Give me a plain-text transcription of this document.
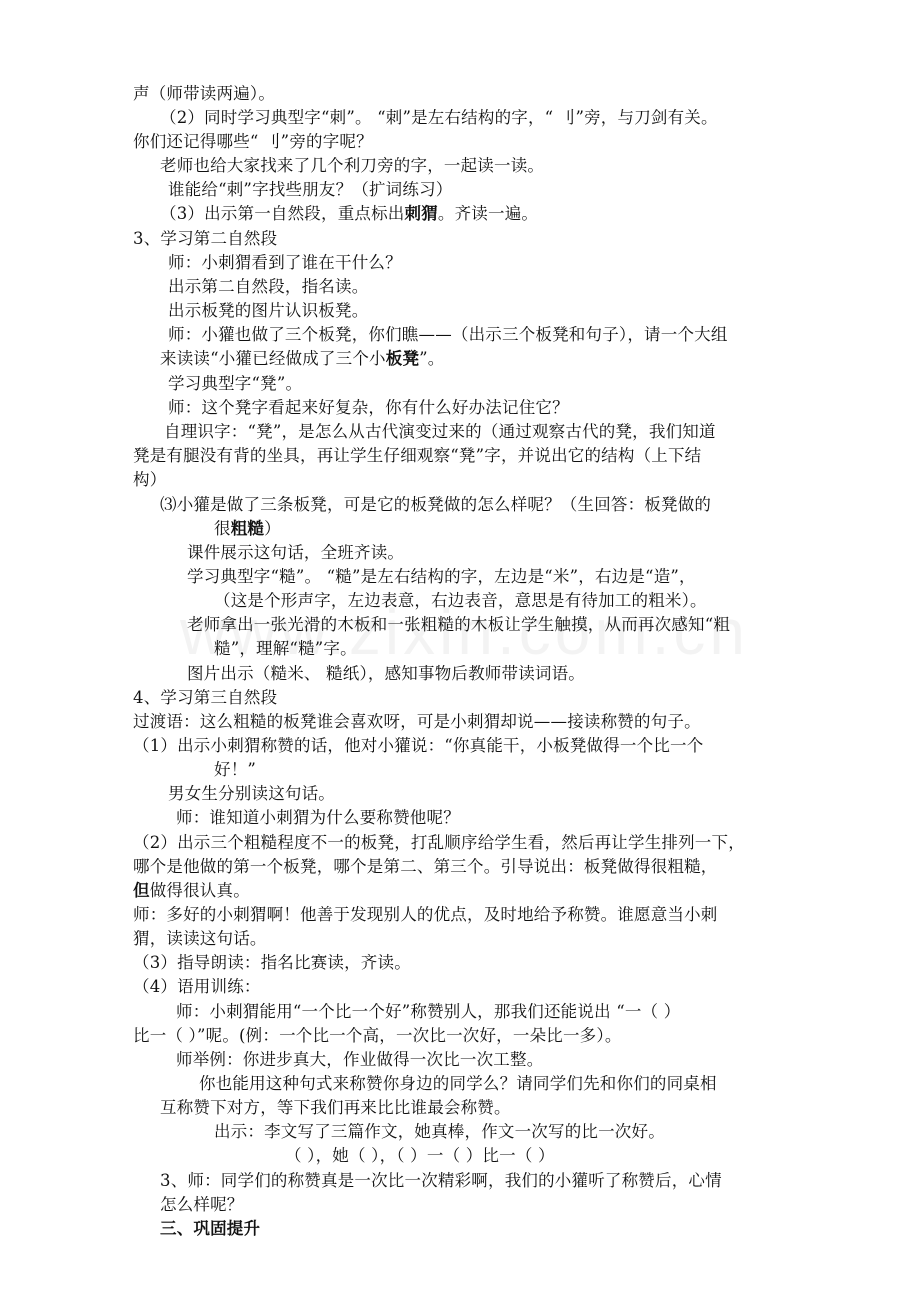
声（师带读两遍）。
（2）同时学习典型字“刺”。 “刺”是左右结构的字，“ 刂”旁，与刀剑有关。
你们还记得哪些“ 刂”旁的字呢？
老师也给大家找来了几个利刀旁的字，一起读一读。
谁能给“刺”字找些朋友？（扩词练习）
（3）出示第一自然段，重点标出刺猬。齐读一遍。
3、学习第二自然段
师：小刺猬看到了谁在干什么？
出示第二自然段，指名读。
出示板凳的图片认识板凳。
师：小獾也做了三个板凳，你们瞧——（出示三个板凳和句子），请一个大组
来读读“小獾已经做成了三个小板凳”。
学习典型字“凳”。
师：这个凳字看起来好复杂，你有什么好办法记住它？
自理识字：“凳”，是怎么从古代演变过来的（通过观察古代的凳，我们知道
凳是有腿没有背的坐具，再让学生仔细观察“凳”字，并说出它的结构（上下结
构）
⑶小獾是做了三条板凳，可是它的板凳做的怎么样呢？（生回答：板凳做的
很粗糙）
课件展示这句话，全班齐读。
学习典型字“糙”。 “糙”是左右结构的字，左边是“米”，右边是“造”，
（这是个形声字，左边表意，右边表音，意思是有待加工的粗米）。
老师拿出一张光滑的木板和一张粗糙的木板让学生触摸，从而再次感知“粗
糙”，理解“糙”字。
图片出示（糙米、 糙纸），感知事物后教师带读词语。
4、学习第三自然段
过渡语：这么粗糙的板凳谁会喜欢呀，可是小刺猬却说——接读称赞的句子。
（1）出示小刺猬称赞的话，他对小獾说：“你真能干，小板凳做得一个比一个
好！”
男女生分别读这句话。
师：谁知道小刺猬为什么要称赞他呢？
（2）出示三个粗糙程度不一的板凳，打乱顺序给学生看，然后再让学生排列一下，
哪个是他做的第一个板凳，哪个是第二、第三个。引导说出：板凳做得很粗糙，
但做得很认真。
师：多好的小刺猬啊！他善于发现别人的优点，及时地给予称赞。谁愿意当小刺
猬，读读这句话。
（3）指导朗读：指名比赛读，齐读。
（4）语用训练：
师：小刺猬能用“一个比一个好”称赞别人，那我们还能说出 “一（ ）
比一（ ）”呢。(例：一个比一个高，一次比一次好，一朵比一多）。
师举例：你进步真大，作业做得一次比一次工整。
你也能用这种句式来称赞你身边的同学么？请同学们先和你们的同桌相
互称赞下对方，等下我们再来比比谁最会称赞。
出示：李文写了三篇作文，她真棒，作文一次写的比一次好。
（ ），她（ ），（ ）一（ ）比一（ ）
3、师：同学们的称赞真是一次比一次精彩啊，我们的小獾听了称赞后，心情
怎么样呢？
三、巩固提升
